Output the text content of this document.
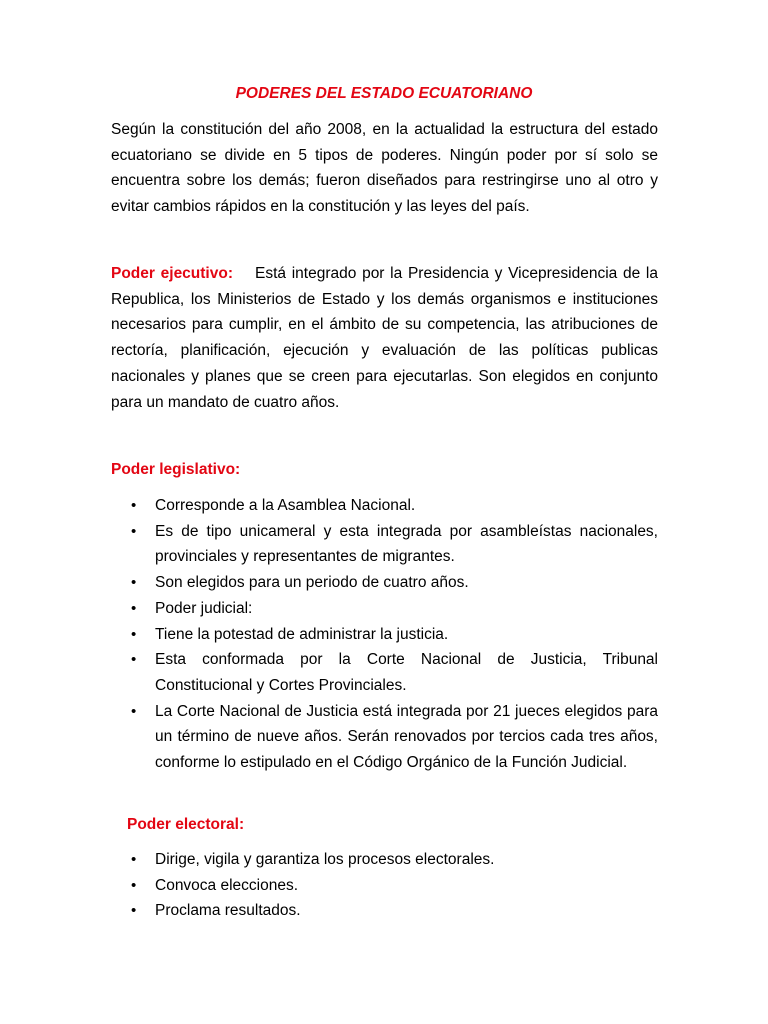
PODERES DEL ESTADO ECUATORIANO
Según la constitución del año 2008, en la actualidad la estructura del estado ecuatoriano se divide en 5 tipos de poderes. Ningún poder por sí solo se encuentra sobre los demás; fueron diseñados para restringirse uno al otro y evitar cambios rápidos en la constitución y las leyes del país.
Poder ejecutivo: Está integrado por la Presidencia y Vicepresidencia de la Republica, los Ministerios de Estado y los demás organismos e instituciones necesarios para cumplir, en el ámbito de su competencia, las atribuciones de rectoría, planificación, ejecución y evaluación de las políticas publicas nacionales y planes que se creen para ejecutarlas. Son elegidos en conjunto para un mandato de cuatro años.
Poder legislativo:
• Corresponde a la Asamblea Nacional.
• Es de tipo unicameral y esta integrada por asambleístas nacionales, provinciales y representantes de migrantes.
• Son elegidos para un periodo de cuatro años.
• Poder judicial:
• Tiene la potestad de administrar la justicia.
• Esta conformada por la Corte Nacional de Justicia, Tribunal Constitucional y Cortes Provinciales.
• La Corte Nacional de Justicia está integrada por 21 jueces elegidos para un término de nueve años. Serán renovados por tercios cada tres años, conforme lo estipulado en el Código Orgánico de la Función Judicial.
Poder electoral:
• Dirige, vigila y garantiza los procesos electorales.
• Convoca elecciones.
• Proclama resultados.
